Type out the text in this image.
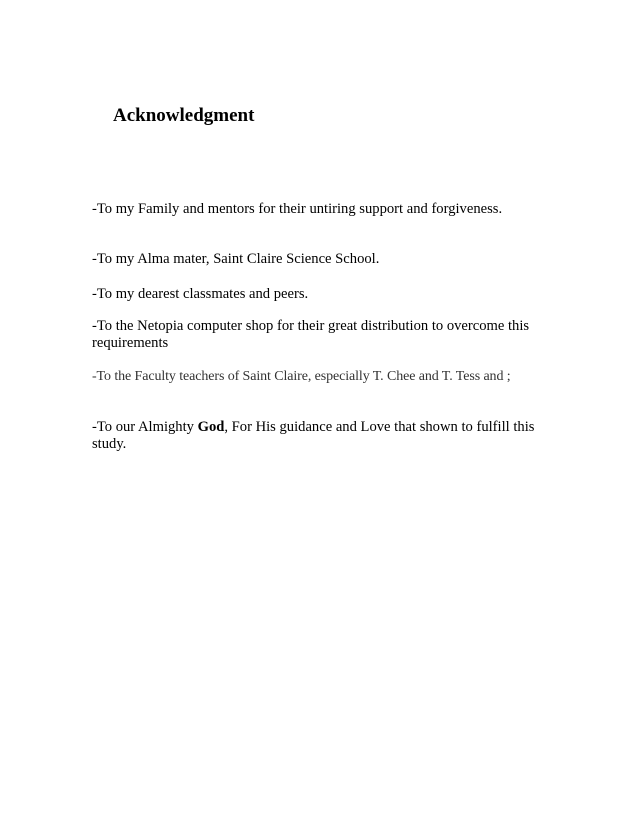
Acknowledgment
-To my Family and mentors for their untiring support and forgiveness.
-To my Alma mater, Saint Claire Science School.
-To my dearest classmates and peers.
-To the Netopia computer shop for their great distribution to overcome this requirements
-To the Faculty teachers of Saint Claire, especially T. Chee and T. Tess and ;
-To our Almighty God, For His guidance and Love that shown to fulfill this study.
